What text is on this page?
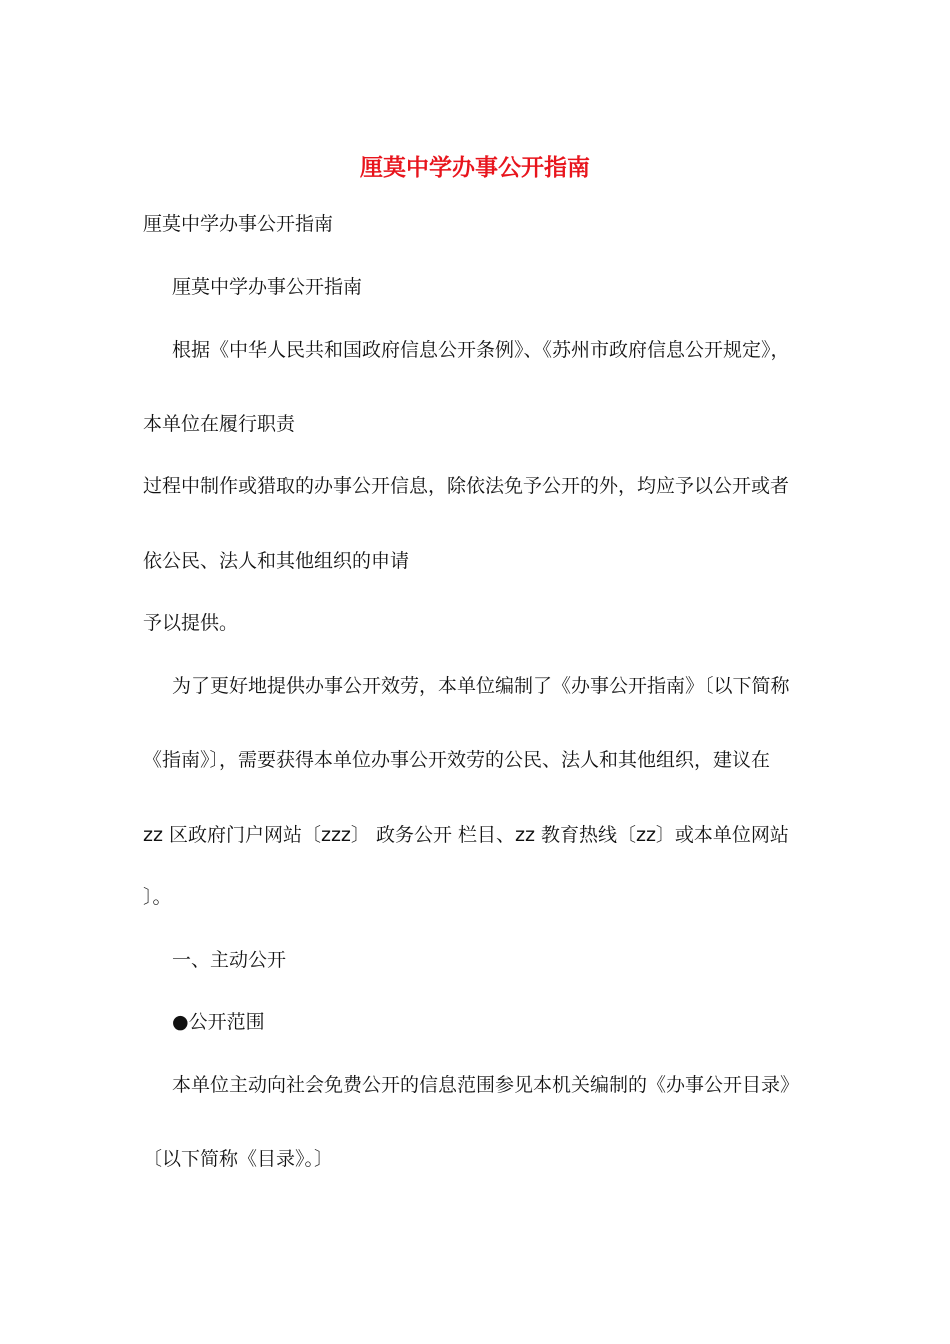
厘莫中学办事公开指南
厘莫中学办事公开指南
厘莫中学办事公开指南
根据《中华人民共和国政府信息公开条例》、《苏州市政府信息公开规定》，
本单位在履行职责
过程中制作或猎取的办事公开信息，除依法免予公开的外，均应予以公开或者
依公民、法人和其他组织的申请
予以提供。
为了更好地提供办事公开效劳，本单位编制了《办事公开指南》〔以下简称
《指南》〕，需要获得本单位办事公开效劳的公民、法人和其他组织，建议在
zz 区政府门户网站〔zzz〕 政务公开 栏目、zz 教育热线〔zz〕或本单位网站
〕。
一、主动公开
●公开范围
本单位主动向社会免费公开的信息范围参见本机关编制的《办事公开目录》
〔以下简称《目录》。〕
